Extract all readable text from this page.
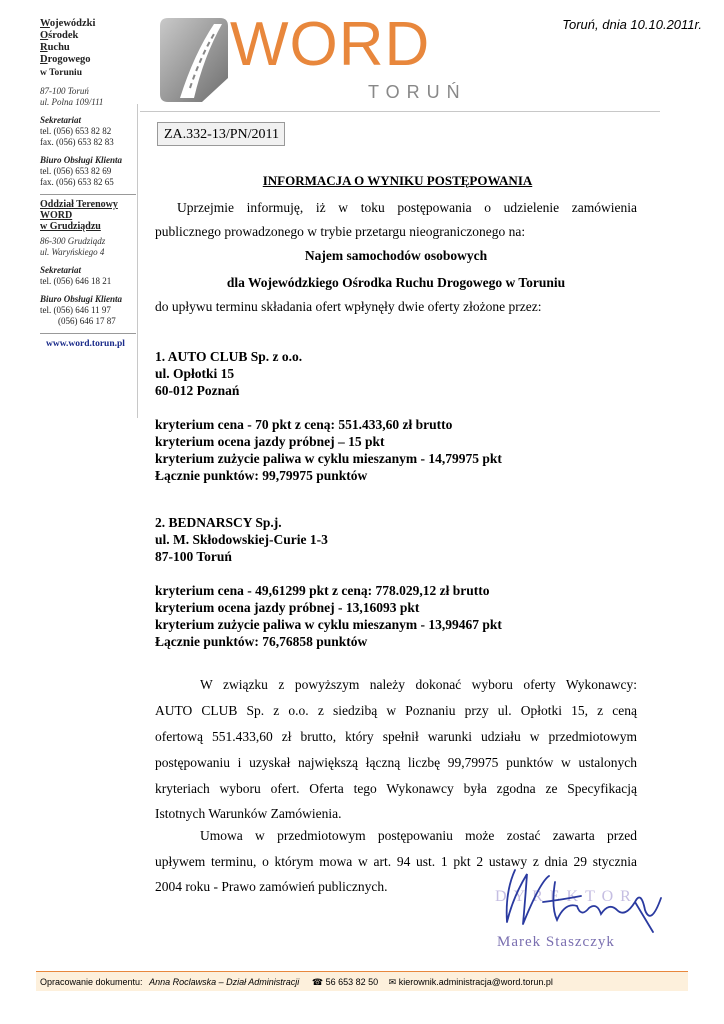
Wojewódzki
Ośrodek
Ruchu
Drogowego
w Toruniu
87-100 Toruń
ul. Polna 109/111
Sekretariat
tel. (056) 653 82 82
fax. (056) 653 82 83
Biuro Obsługi Klienta
tel. (056) 653 82 69
fax. (056) 653 82 65
Oddział Terenowy
WORD
w Grudziądzu
86-300 Grudziądz
ul. Waryńskiego 4
Sekretariat
tel. (056) 646 18 21
Biuro Obsługi Klienta
tel. (056) 646 11 97
(056) 646 17 87
www.word.torun.pl
Toruń, dnia 10.10.2011r.
WORD
TORUŃ
ZA.332-13/PN/2011
INFORMACJA O WYNIKU POSTĘPOWANIA
Uprzejmie informuję, iż w toku postępowania o udzielenie zamówienia
publicznego prowadzonego w trybie przetargu nieograniczonego na:
Najem samochodów osobowych
dla Wojewódzkiego Ośrodka Ruchu Drogowego w Toruniu
do upływu terminu składania ofert wpłynęły dwie oferty złożone przez:
1. AUTO CLUB Sp. z o.o.
ul. Opłotki 15
60-012 Poznań
kryterium cena - 70 pkt z ceną: 551.433,60 zł brutto
kryterium ocena jazdy próbnej – 15 pkt
kryterium zużycie paliwa w cyklu mieszanym - 14,79975 pkt
Łącznie punktów: 99,79975 punktów
2. BEDNARSCY Sp.j.
ul. M. Skłodowskiej-Curie 1-3
87-100 Toruń
kryterium cena - 49,61299 pkt z ceną: 778.029,12 zł brutto
kryterium ocena jazdy próbnej - 13,16093 pkt
kryterium zużycie paliwa w cyklu mieszanym - 13,99467 pkt
Łącznie punktów: 76,76858 punktów
W związku z powyższym należy dokonać wyboru oferty Wykonawcy:
AUTO CLUB Sp. z o.o. z siedzibą w Poznaniu przy ul. Opłotki 15, z ceną
ofertową 551.433,60 zł brutto, który spełnił warunki udziału w przedmiotowym
postępowaniu i uzyskał największą łączną liczbę 99,79975 punktów w ustalonych
kryteriach wyboru ofert. Oferta tego Wykonawcy była zgodna ze Specyfikacją
Istotnych Warunków Zamówienia.
Umowa w przedmiotowym postępowaniu może zostać zawarta przed
upływem terminu, o którym mowa w art. 94 ust. 1 pkt 2 ustawy z dnia 29 stycznia
2004 roku - Prawo zamówień publicznych.
DYREKTOR
Marek Staszczyk
Opracowanie dokumentu: Anna Roclawska – Dział Administracji ☎ 56 653 82 50 ✉ kierownik.administracja@word.torun.pl
